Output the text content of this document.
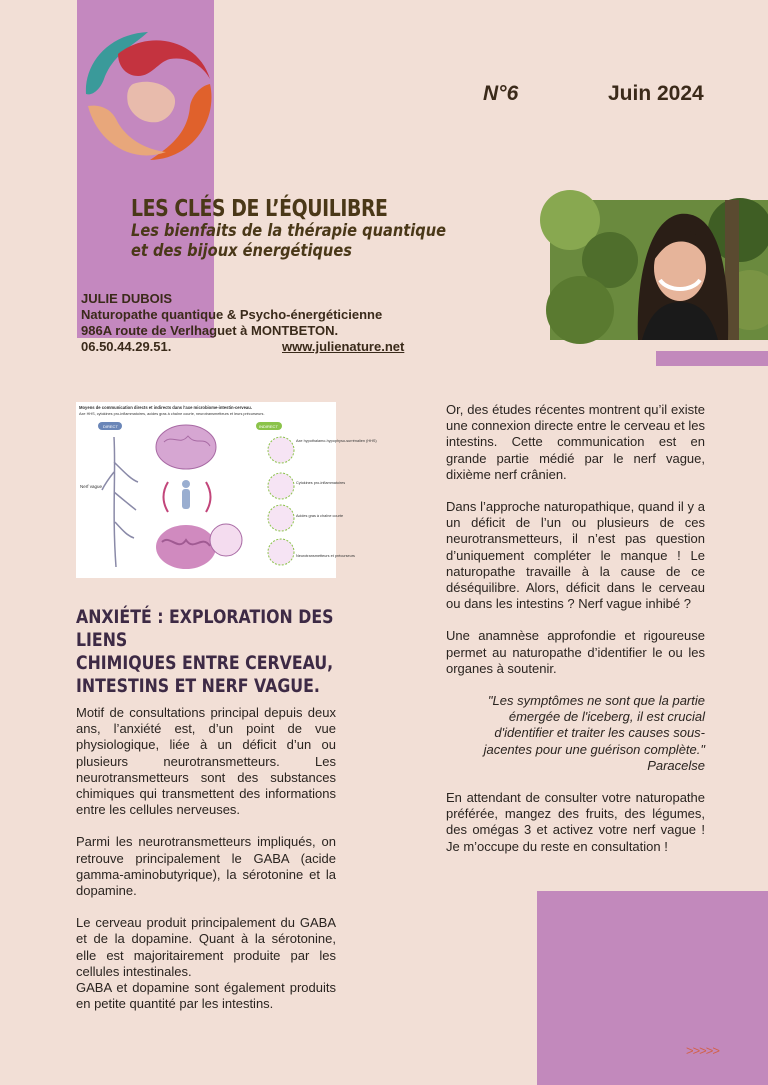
N°6	Juin 2024
LES CLÉS DE L’ÉQUILIBRE
Les bienfaits de la thérapie quantique
et des bijoux énergétiques
JULIE DUBOIS
Naturopathe quantique & Psycho-énergéticienne
986A route de Verlhaguet à MONTBETON.
06.50.44.29.51.	www.julienature.net
Moyens de communication directs et indirects dans l'axe microbiome-intestin-cerveau.
Axe HHS, cytokines pro-inflammatoires, acides gras à chaîne courte, neurotransmetteurs et leurs précurseurs.
DIRECT	INDIRECT
Nerf vague
Axe hypothalamo-hypophyso-surrénalien (HHS)
Cytokines pro-inflammatoires
Acides gras à chaîne courte
Neurotransmetteurs et précurseurs
ANXIÉTÉ : EXPLORATION DES LIENS
CHIMIQUES ENTRE CERVEAU,
INTESTINS ET NERF VAGUE.

Motif de consultations principal depuis deux ans, l’anxiété est, d’un point de vue physiologique, liée à un déficit d’un ou plusieurs neurotransmetteurs. Les neurotransmetteurs sont des substances chimiques qui transmettent des informations entre les cellules nerveuses.

Parmi les neurotransmetteurs impliqués, on retrouve principalement le GABA (acide gamma-aminobutyrique), la sérotonine et la dopamine.

Le cerveau produit principalement du GABA et de la dopamine. Quant à la sérotonine, elle est majoritairement produite par les cellules intestinales.

GABA et dopamine sont également produits en petite quantité par les intestins.

Or, des études récentes montrent qu’il existe une connexion directe entre le cerveau et les intestins. Cette communication est en grande partie médié par le nerf vague, dixième nerf crânien.

Dans l’approche naturopathique, quand il y a un déficit de l’un ou plusieurs de ces neurotransmetteurs, il n’est pas question d’uniquement compléter le manque ! Le naturopathe travaille à la cause de ce déséquilibre. Alors, déficit dans le cerveau ou dans les intestins ? Nerf vague inhibé ?

Une anamnèse approfondie et rigoureuse permet au naturopathe d’identifier le ou les organes à soutenir.

"Les symptômes ne sont que la partie émergée de l'iceberg, il est crucial d'identifier et traiter les causes sous-jacentes pour une guérison complète." Paracelse

En attendant de consulter votre naturopathe préférée, mangez des fruits, des légumes, des omégas 3 et activez votre nerf vague ! Je m’occupe du reste en consultation !

>>>>>
